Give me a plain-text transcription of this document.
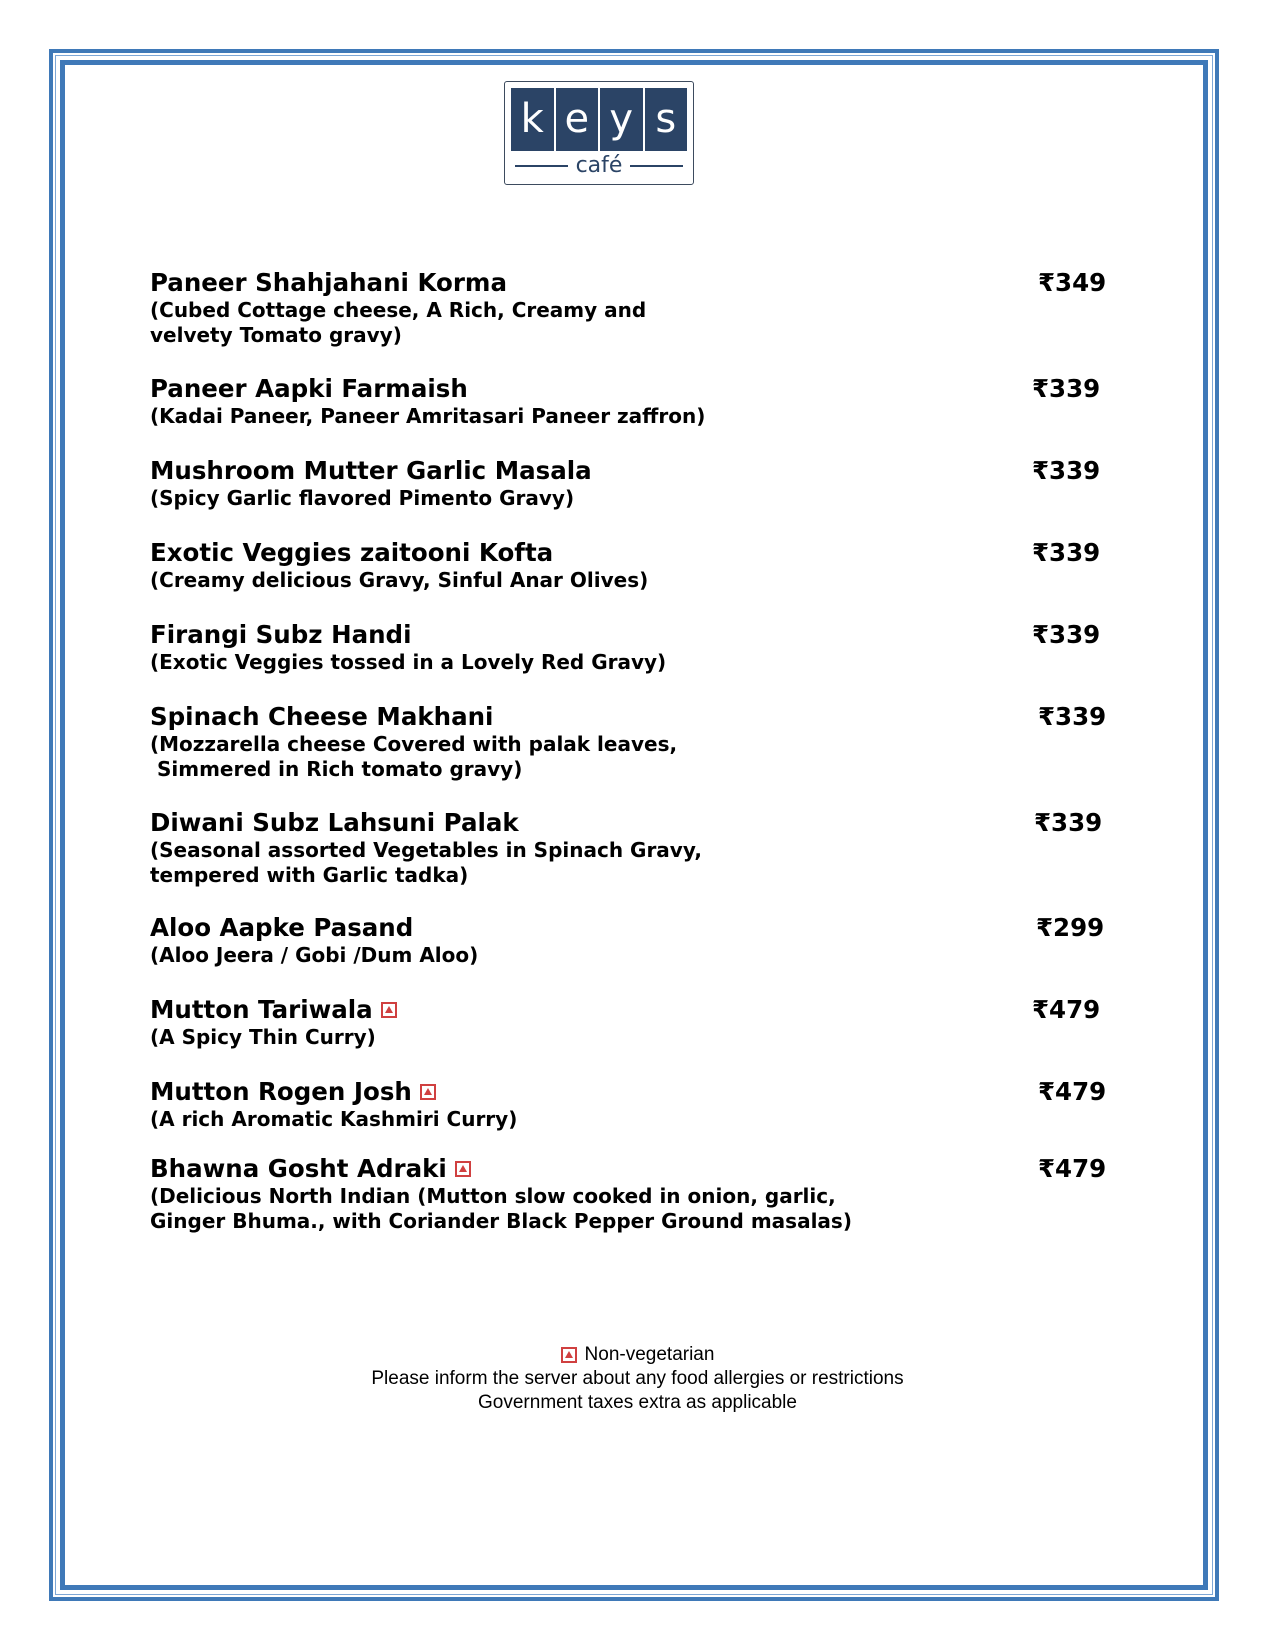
k e y s
café
Paneer Shahjahani Korma
(Cubed Cottage cheese, A Rich, Creamy and
velvety Tomato gravy)
₹349
Paneer Aapki Farmaish
(Kadai Paneer, Paneer Amritasari Paneer zaffron)
₹339
Mushroom Mutter Garlic Masala
(Spicy Garlic flavored Pimento Gravy)
₹339
Exotic Veggies zaitooni Kofta
(Creamy delicious Gravy, Sinful Anar Olives)
₹339
Firangi Subz Handi
(Exotic Veggies tossed in a Lovely Red Gravy)
₹339
Spinach Cheese Makhani
(Mozzarella cheese Covered with palak leaves,
Simmered in Rich tomato gravy)
₹339
Diwani Subz Lahsuni Palak
(Seasonal assorted Vegetables in Spinach Gravy,
tempered with Garlic tadka)
₹339
Aloo Aapke Pasand
(Aloo Jeera / Gobi /Dum Aloo)
₹299
Mutton Tariwala
(A Spicy Thin Curry)
₹479
Mutton Rogen Josh
(A rich Aromatic Kashmiri Curry)
₹479
Bhawna Gosht Adraki
(Delicious North Indian (Mutton slow cooked in onion, garlic,
Ginger Bhuma., with Coriander Black Pepper Ground masalas)
₹479
Non-vegetarian
Please inform the server about any food allergies or restrictions
Government taxes extra as applicable
